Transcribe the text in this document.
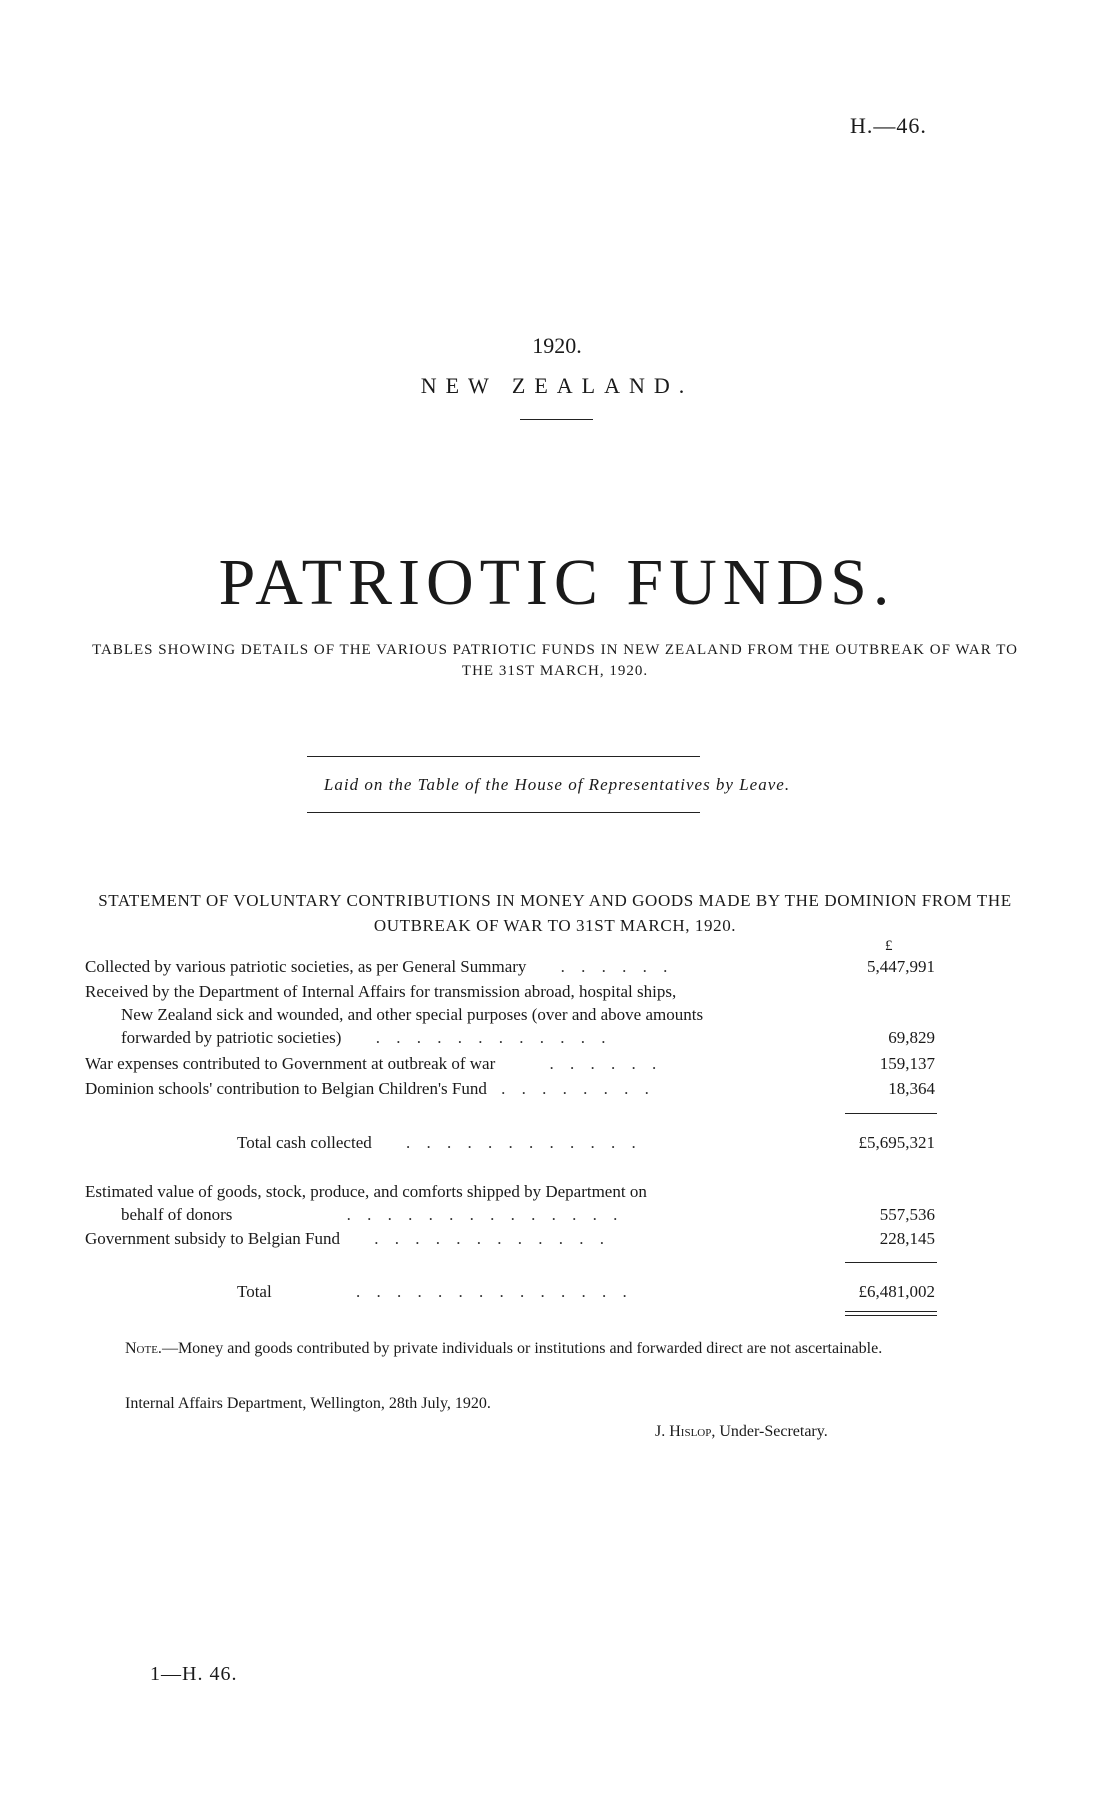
H.—46.
1920.
NEW ZEALAND.
PATRIOTIC FUNDS.
TABLES SHOWING DETAILS OF THE VARIOUS PATRIOTIC FUNDS IN NEW ZEALAND FROM THE OUTBREAK OF WAR TO THE 31ST MARCH, 1920.
Laid on the Table of the House of Representatives by Leave.
STATEMENT OF VOLUNTARY CONTRIBUTIONS IN MONEY AND GOODS MADE BY THE DOMINION FROM THE OUTBREAK OF WAR TO 31ST MARCH, 1920.
£
Collected by various patriotic societies, as per General Summary . . . . . .	5,447,991
Received by the Department of Internal Affairs for transmission abroad, hospital ships,
New Zealand sick and wounded, and other special purposes (over and above amounts
forwarded by patriotic societies) . . . . . . . . . . . .	69,829
War expenses contributed to Government at outbreak of war	. . . . . .	159,137
Dominion schools' contribution to Belgian Children's Fund . . . . . . . .	18,364
Total cash collected . . . . . . . . . . . .	£5,695,321
Estimated value of goods, stock, produce, and comforts shipped by Department on
behalf of donors	. . . . . . . . . . . . . .	557,536
Government subsidy to Belgian Fund . . . . . . . . . . . .	228,145
Total	. . . . . . . . . . . . . .	£6,481,002
Note.—Money and goods contributed by private individuals or institutions and forwarded direct are not ascertainable.
Internal Affairs Department, Wellington, 28th July, 1920.
J. Hislop, Under-Secretary.
1—H. 46.
